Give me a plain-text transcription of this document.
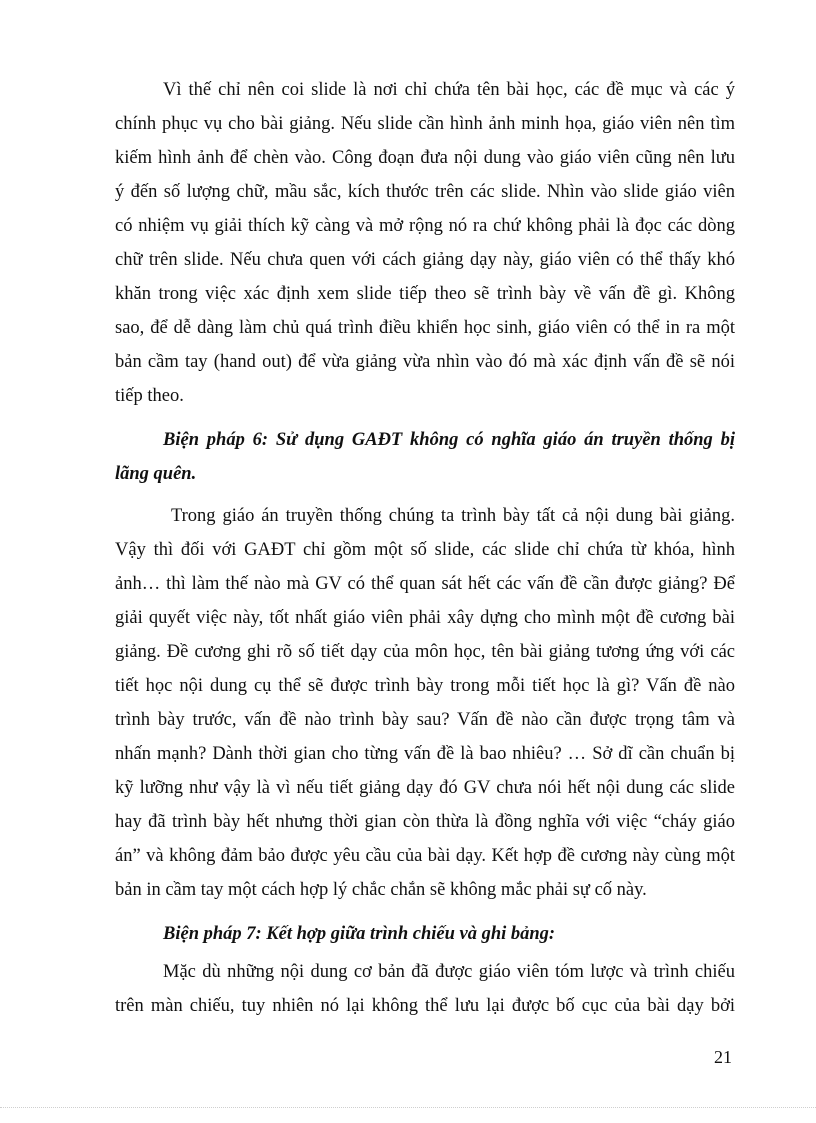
Vì thế chỉ nên coi slide là nơi chỉ chứa tên bài học, các đề mục và các ý
chính phục vụ cho bài giảng. Nếu slide cần hình ảnh minh họa, giáo viên nên tìm
kiếm hình ảnh để chèn vào. Công đoạn đưa nội dung vào giáo viên cũng nên lưu
ý đến số lượng chữ, mầu sắc, kích thước trên các slide. Nhìn vào slide giáo viên
có nhiệm vụ giải thích kỹ càng và mở rộng nó ra chứ không phải là đọc các dòng
chữ trên slide. Nếu chưa quen với cách giảng dạy này, giáo viên có thể thấy khó
khăn trong việc xác định xem slide tiếp theo sẽ trình bày về vấn đề gì. Không
sao, để dễ dàng làm chủ quá trình điều khiển học sinh, giáo viên có thể in ra một
bản cầm tay (hand out) để vừa giảng vừa nhìn vào đó mà xác định vấn đề sẽ nói
tiếp theo.
Biện pháp 6: Sử dụng GAĐT không có nghĩa giáo án truyền thống bị
lãng quên.
Trong giáo án truyền thống chúng ta trình bày tất cả nội dung bài giảng.
Vậy thì đối với GAĐT chỉ gồm một số slide, các slide chỉ chứa từ khóa, hình
ảnh… thì làm thế nào mà GV có thể quan sát hết các vấn đề cần được giảng? Để
giải quyết việc này, tốt nhất giáo viên phải xây dựng cho mình một đề cương bài
giảng. Đề cương ghi rõ số tiết dạy của môn học, tên bài giảng tương ứng với các
tiết học nội dung cụ thể sẽ được trình bày trong mỗi tiết học là gì? Vấn đề nào
trình bày trước, vấn đề nào trình bày sau? Vấn đề nào cần được trọng tâm và
nhấn mạnh? Dành thời gian cho từng vấn đề là bao nhiêu? … Sở dĩ cần chuẩn bị
kỹ lưỡng như vậy là vì nếu tiết giảng dạy đó GV chưa nói hết nội dung các slide
hay đã trình bày hết nhưng thời gian còn thừa là đồng nghĩa với việc “cháy giáo
án” và không đảm bảo được yêu cầu của bài dạy. Kết hợp đề cương này cùng một
bản in cầm tay một cách hợp lý chắc chắn sẽ không mắc phải sự cố này.
Biện pháp 7: Kết hợp giữa trình chiếu và ghi bảng:
Mặc dù những nội dung cơ bản đã được giáo viên tóm lược và trình chiếu
trên màn chiếu, tuy nhiên nó lại không thể lưu lại được bố cục của bài dạy bởi
21
